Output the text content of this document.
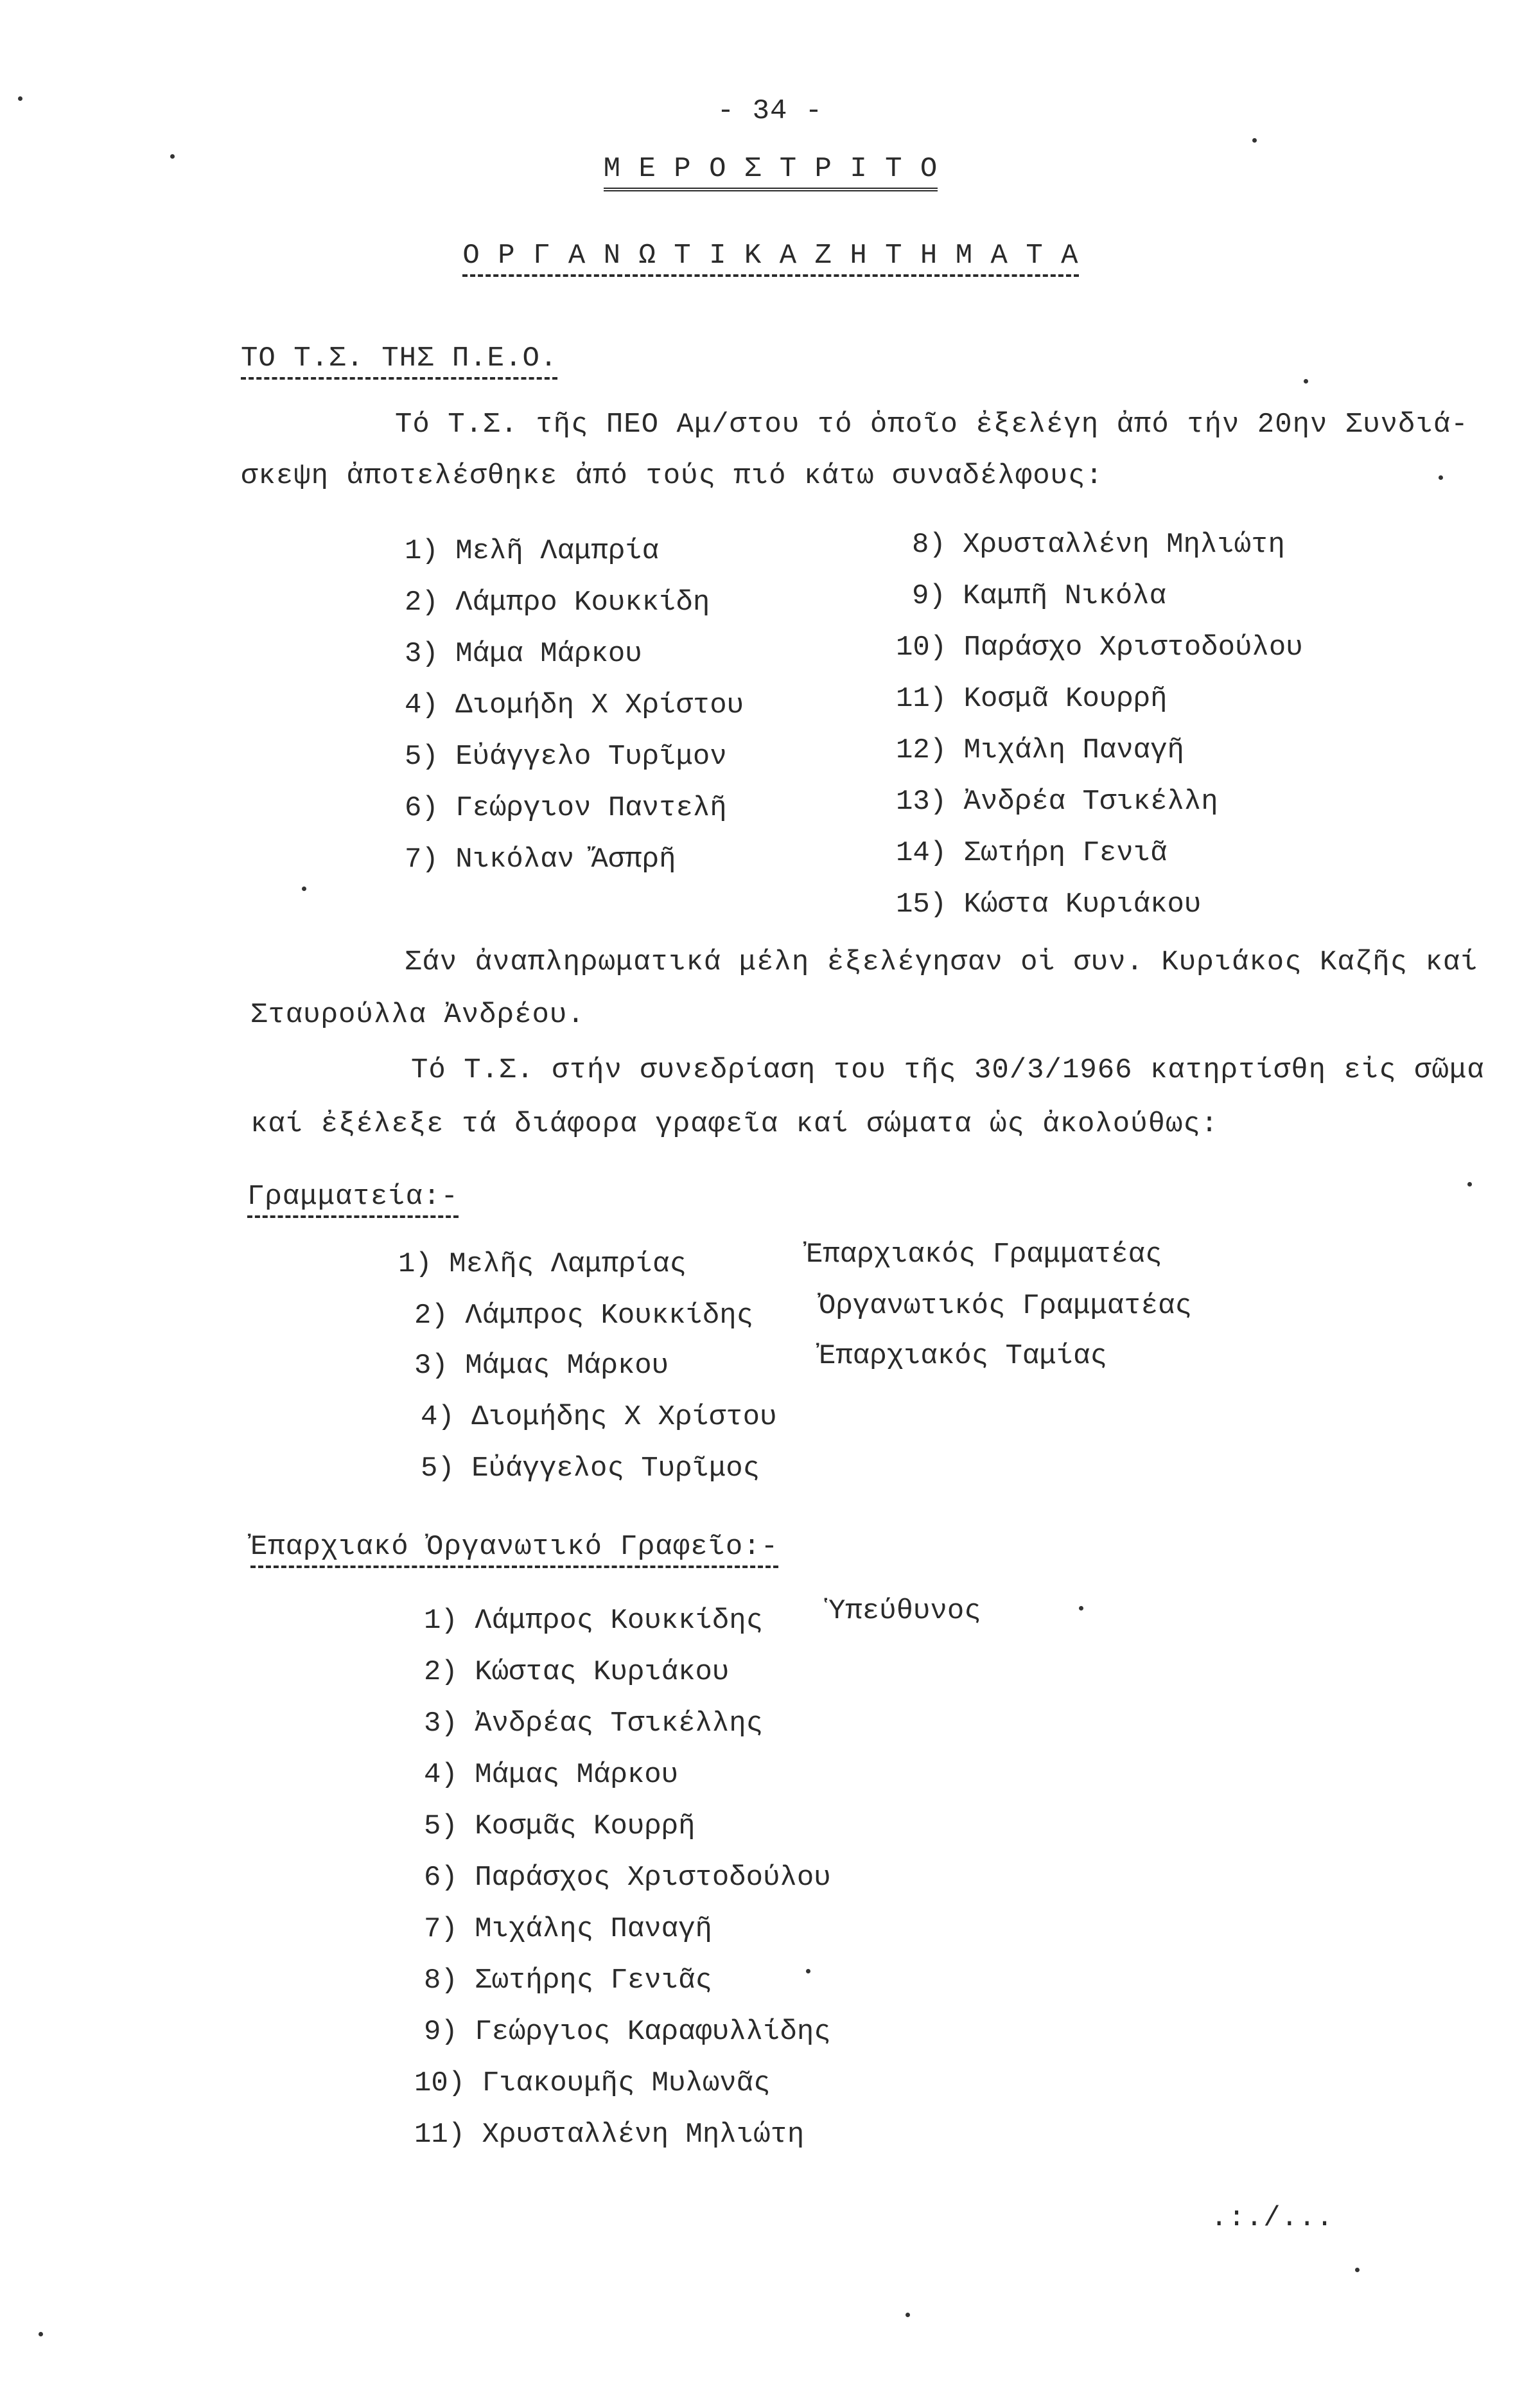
- 34 -
Μ Ε Ρ Ο Σ Τ Ρ Ι Τ Ο
Ο Ρ Γ Α Ν Ω Τ Ι Κ Α Ζ Η Τ Η Μ Α Τ Α
ΤΟ Τ.Σ. ΤΗΣ Π.Ε.Ο.
Τό Τ.Σ. τῆς ΠΕΟ Αμ/στου τό ὁποῖο ἐξελέγη ἀπό τήν 20ην Συνδιά-
σκεψη ἀποτελέσθηκε ἀπό τούς πιό κάτω συναδέλφους:
1) Μελῆ Λαμπρία
2) Λάμπρο Κουκκίδη
3) Μάμα Μάρκου
4) Διομήδη Χ Χρίστου
5) Εὐάγγελο Τυρῖμον
6) Γεώργιον Παντελῆ
7) Νικόλαν Ἄσπρῆ
8) Χρυσταλλένη Μηλιώτη
9) Καμπῆ Νικόλα
10) Παράσχο Χριστοδούλου
11) Κοσμᾶ Κουρρῆ
12) Μιχάλη Παναγῆ
13) Ἀνδρέα Τσικέλλη
14) Σωτήρη Γενιᾶ
15) Κώστα Κυριάκου
Σάν ἀναπληρωματικά μέλη ἐξελέγησαν οἱ συν. Κυριάκος Καζῆς καί
Σταυρούλλα Ἀνδρέου.
Τό Τ.Σ. στήν συνεδρίαση του τῆς 30/3/1966 κατηρτίσθη εἰς σῶμα
καί ἐξέλεξε τά διάφορα γραφεῖα καί σώματα ὡς ἀκολούθως:
Γραμματεία:-
1) Μελῆς Λαμπρίας	Ἐπαρχιακός Γραμματέας
2) Λάμπρος Κουκκίδης Ὀργανωτικός Γραμματέας
3) Μάμας Μάρκου	Ἐπαρχιακός Ταμίας
4) Διομήδης Χ Χρίστου
5) Εὐάγγελος Τυρῖμος
Ἐπαρχιακό Ὀργανωτικό Γραφεῖο:-
Ὑπεύθυνος
1) Λάμπρος Κουκκίδης
2) Κώστας Κυριάκου
3) Ἀνδρέας Τσικέλλης
4) Μάμας Μάρκου
5) Κοσμᾶς Κουρρῆ
6) Παράσχος Χριστοδούλου
7) Μιχάλης Παναγῆ
8) Σωτήρης Γενιᾶς
9) Γεώργιος Καραφυλλίδης
10) Γιακουμῆς Μυλωνᾶς
11) Χρυσταλλένη Μηλιώτη
.:./...
